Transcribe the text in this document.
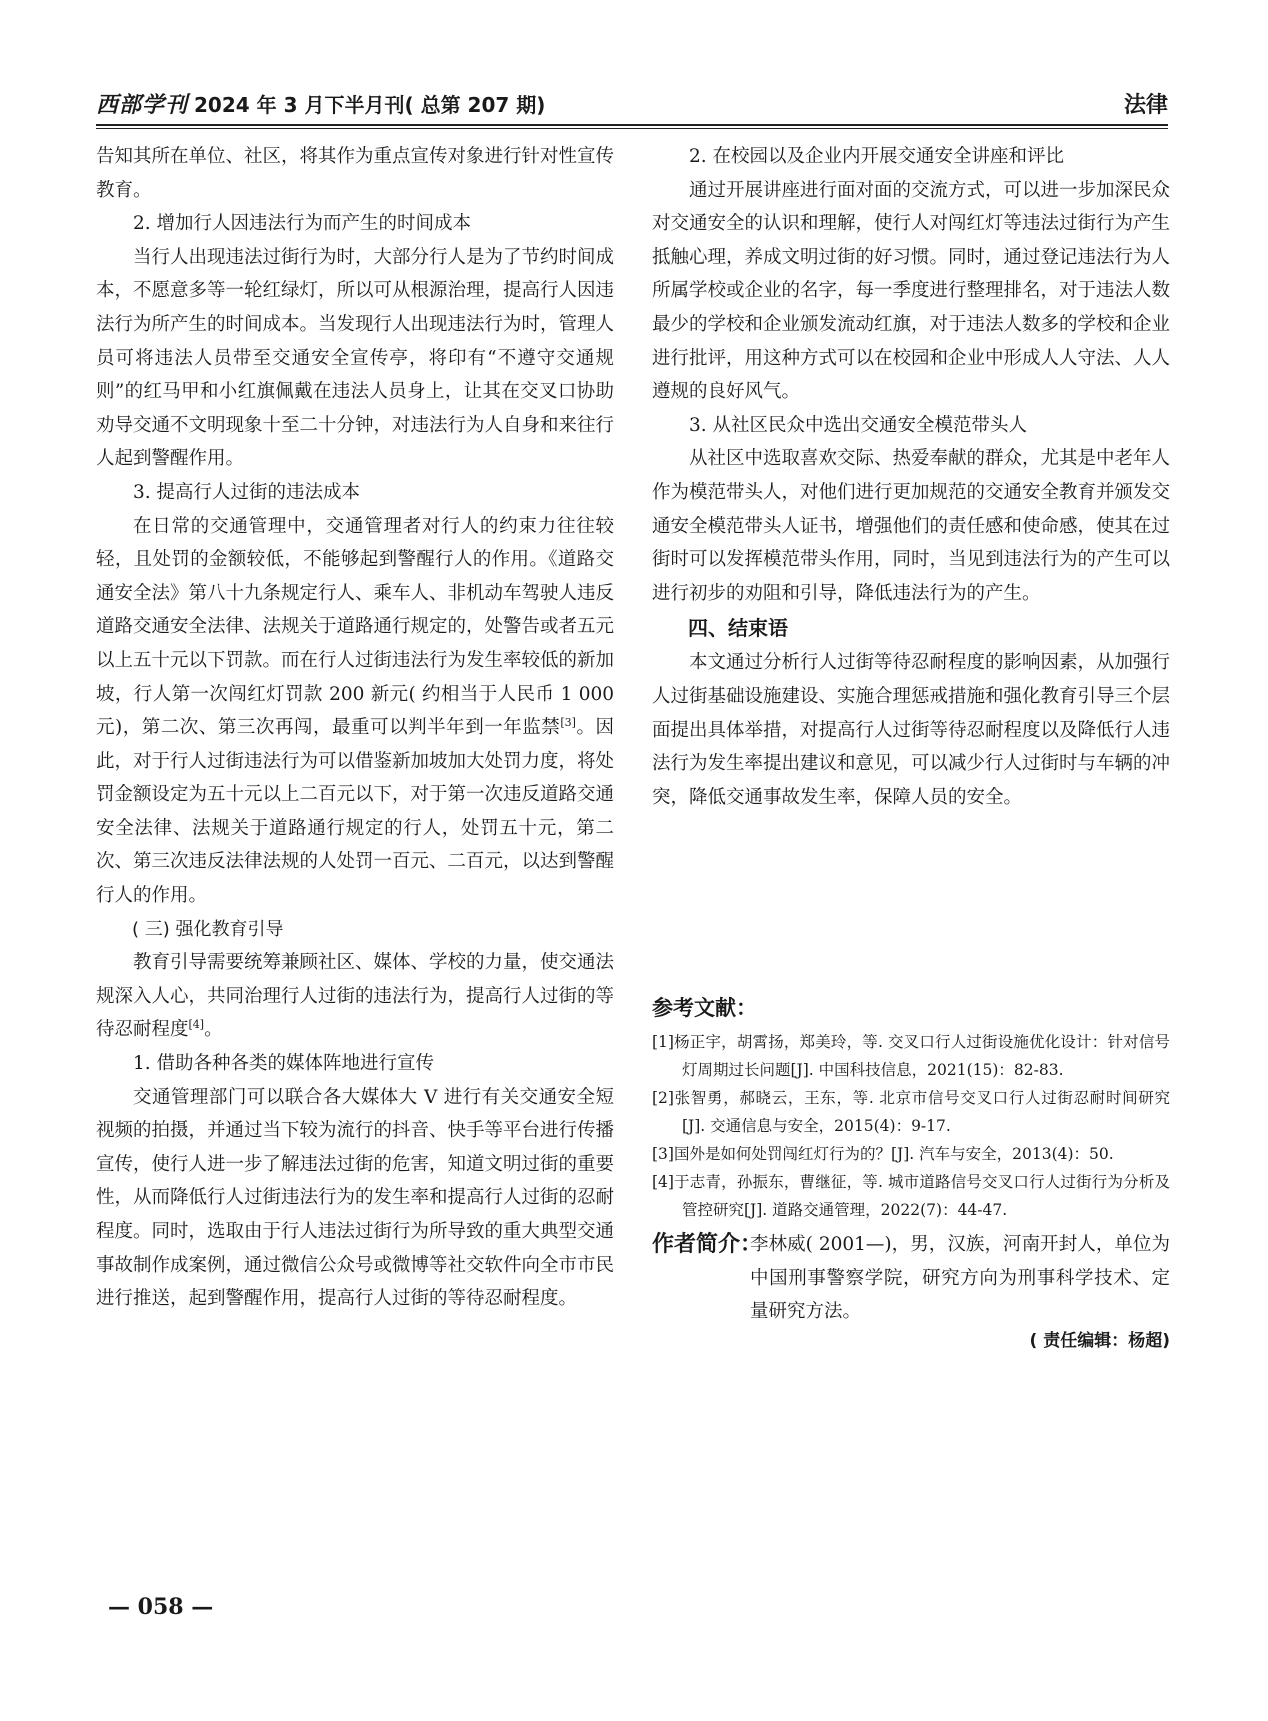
西部学刊 2024 年 3 月下半月刊( 总第 207 期)	法律

告知其所在单位、社区，将其作为重点宣传对象进行针对性宣传教育。

2. 增加行人因违法行为而产生的时间成本

当行人出现违法过街行为时，大部分行人是为了节约时间成本，不愿意多等一轮红绿灯，所以可从根源治理，提高行人因违法行为所产生的时间成本。当发现行人出现违法行为时，管理人员可将违法人员带至交通安全宣传亭，将印有“不遵守交通规则”的红马甲和小红旗佩戴在违法人员身上，让其在交叉口协助劝导交通不文明现象十至二十分钟，对违法行为人自身和来往行人起到警醒作用。

3. 提高行人过街的违法成本

在日常的交通管理中，交通管理者对行人的约束力往往较轻，且处罚的金额较低，不能够起到警醒行人的作用。《道路交通安全法》第八十九条规定行人、乘车人、非机动车驾驶人违反道路交通安全法律、法规关于道路通行规定的，处警告或者五元以上五十元以下罚款。而在行人过街违法行为发生率较低的新加坡，行人第一次闯红灯罚款 200 新元( 约相当于人民币 1 000 元)，第二次、第三次再闯，最重可以判半年到一年监禁[3]。因此，对于行人过街违法行为可以借鉴新加坡加大处罚力度，将处罚金额设定为五十元以上二百元以下，对于第一次违反道路交通安全法律、法规关于道路通行规定的行人，处罚五十元，第二次、第三次违反法律法规的人处罚一百元、二百元，以达到警醒行人的作用。

( 三) 强化教育引导

教育引导需要统筹兼顾社区、媒体、学校的力量，使交通法规深入人心，共同治理行人过街的违法行为，提高行人过街的等待忍耐程度[4]。

1. 借助各种各类的媒体阵地进行宣传

交通管理部门可以联合各大媒体大 V 进行有关交通安全短视频的拍摄，并通过当下较为流行的抖音、快手等平台进行传播宣传，使行人进一步了解违法过街的危害，知道文明过街的重要性，从而降低行人过街违法行为的发生率和提高行人过街的忍耐程度。同时，选取由于行人违法过街行为所导致的重大典型交通事故制作成案例，通过微信公众号或微博等社交软件向全市市民进行推送，起到警醒作用，提高行人过街的等待忍耐程度。

2. 在校园以及企业内开展交通安全讲座和评比

通过开展讲座进行面对面的交流方式，可以进一步加深民众对交通安全的认识和理解，使行人对闯红灯等违法过街行为产生抵触心理，养成文明过街的好习惯。同时，通过登记违法行为人所属学校或企业的名字，每一季度进行整理排名，对于违法人数最少的学校和企业颁发流动红旗，对于违法人数多的学校和企业进行批评，用这种方式可以在校园和企业中形成人人守法、人人遵规的良好风气。

3. 从社区民众中选出交通安全模范带头人

从社区中选取喜欢交际、热爱奉献的群众，尤其是中老年人作为模范带头人，对他们进行更加规范的交通安全教育并颁发交通安全模范带头人证书，增强他们的责任感和使命感，使其在过街时可以发挥模范带头作用，同时，当见到违法行为的产生可以进行初步的劝阻和引导，降低违法行为的产生。

四、结束语

本文通过分析行人过街等待忍耐程度的影响因素，从加强行人过街基础设施建设、实施合理惩戒措施和强化教育引导三个层面提出具体举措，对提高行人过街等待忍耐程度以及降低行人违法行为发生率提出建议和意见，可以减少行人过街时与车辆的冲突，降低交通事故发生率，保障人员的安全。

参考文献：
[1]杨正宇，胡霄扬，郑美玲，等. 交叉口行人过街设施优化设计：针对信号灯周期过长问题[J]. 中国科技信息，2021(15)：82-83.
[2]张智勇，郝晓云，王东，等. 北京市信号交叉口行人过街忍耐时间研究[J]. 交通信息与安全，2015(4)：9-17.
[3]国外是如何处罚闯红灯行为的？[J]. 汽车与安全，2013(4)：50.
[4]于志青，孙振东，曹继征，等. 城市道路信号交叉口行人过街行为分析及管控研究[J]. 道路交通管理，2022(7)：44-47.
作者简介：
李林威( 2001—)，男，汉族，河南开封人，单位为中国刑事警察学院，研究方向为刑事科学技术、定量研究方法。
( 责任编辑：杨超)
— 058 —
